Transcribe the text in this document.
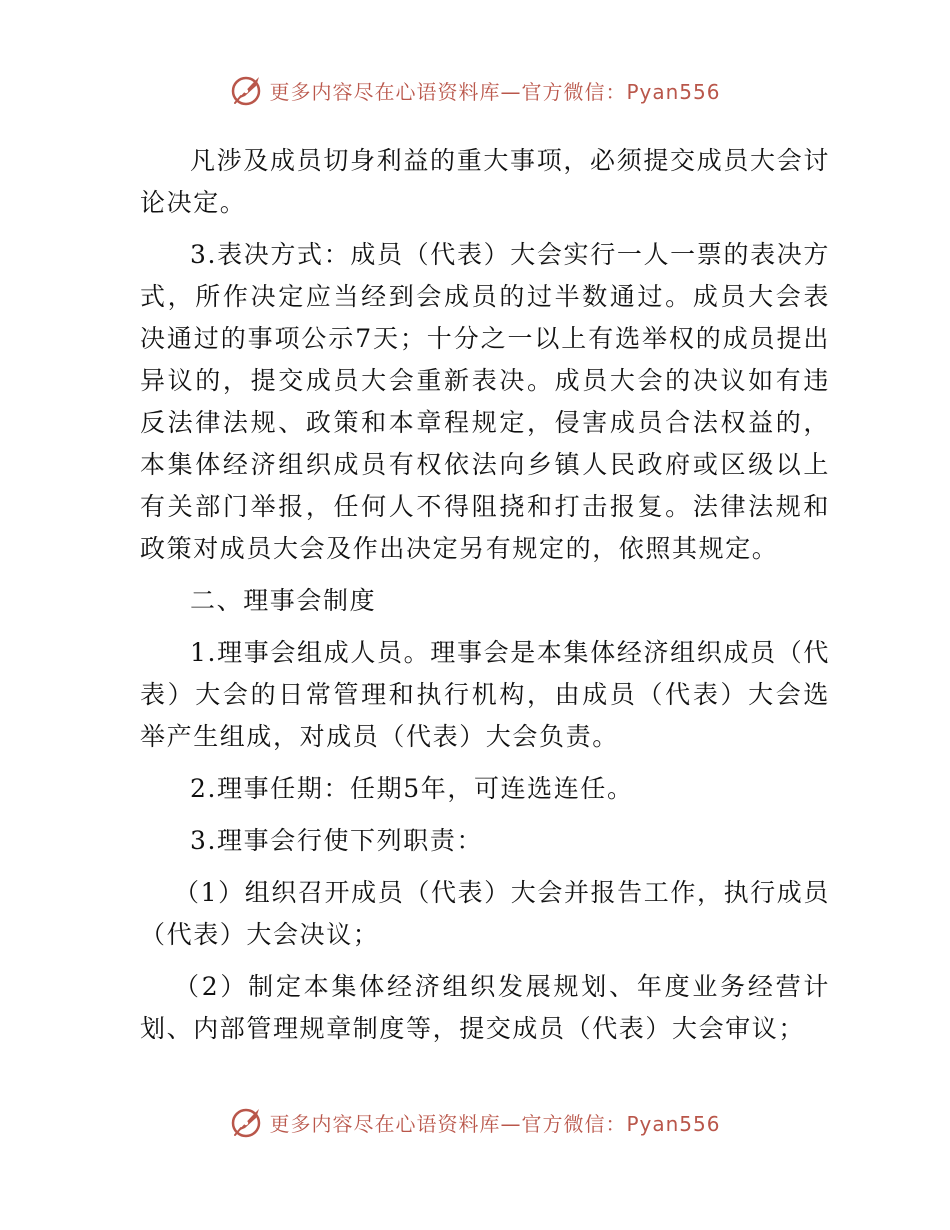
更多内容尽在心语资料库—官方微信：Pyan556

凡涉及成员切身利益的重大事项，必须提交成员大会讨论决定。

3.表决方式：成员（代表）大会实行一人一票的表决方式，所作决定应当经到会成员的过半数通过。成员大会表决通过的事项公示7天；十分之一以上有选举权的成员提出异议的，提交成员大会重新表决。成员大会的决议如有违反法律法规、政策和本章程规定，侵害成员合法权益的，本集体经济组织成员有权依法向乡镇人民政府或区级以上有关部门举报，任何人不得阻挠和打击报复。法律法规和政策对成员大会及作出决定另有规定的，依照其规定。

二、理事会制度

1.理事会组成人员。理事会是本集体经济组织成员（代表）大会的日常管理和执行机构，由成员（代表）大会选举产生组成，对成员（代表）大会负责。

2.理事任期：任期5年，可连选连任。

3.理事会行使下列职责：

（1）组织召开成员（代表）大会并报告工作，执行成员（代表）大会决议；

（2）制定本集体经济组织发展规划、年度业务经营计划、内部管理规章制度等，提交成员（代表）大会审议；

更多内容尽在心语资料库—官方微信：Pyan556
